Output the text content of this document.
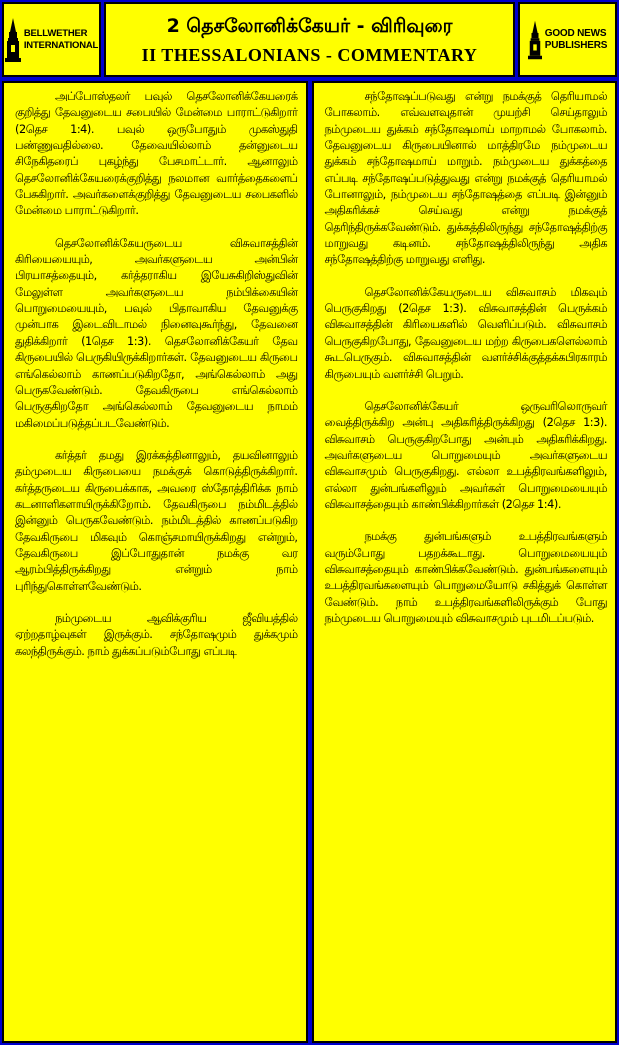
BELLWETHER
INTERNATIONAL
2 தெசலோனிக்கேயர் - விரிவுரை
II THESSALONIANS - COMMENTARY
GOOD NEWS
PUBLISHERS

அப்போஸ்தலர் பவுல் தெசலோனிக்கேயரைக் குறித்து தேவனுடைய சபையில் மேன்மை பாராட்டுகிறார் (2தெச 1:4). பவுல் ஒருபோதும் முகஸ்துதி பண்ணுவதில்லை. தேவையில்லாம் தன்னுடைய சிநேகிதரைப் புகழ்ந்து பேசமாட்டார். ஆனாலும் தெசலோனிக்கேயரைக்குறித்து நலமான வார்த்தைகளைப் பேசுகிறார். அவர்களைக்குறித்து தேவனுடைய சபைகளில் மேன்மை பாராட்டுகிறார்.

தெசலோனிக்கேயருடைய விசுவாசத்தின் கிரியையையும், அவர்களுடைய அன்பின் பிரயாசத்தையும், கர்த்தராகிய இயேசுகிறிஸ்துவின் மேலுள்ள அவர்களுடைய நம்பிக்கையின் பொறுமையையும், பவுல் பிதாவாகிய தேவனுக்கு முன்பாக இடைவிடாமல் நினைவுகூர்ந்து, தேவனை துதிக்கிறார் (1தெச 1:3). தெசலோனிக்கேயர் தேவ கிருபையில் பெருகியிருக்கிறார்கள். தேவனுடைய கிருபை எங்கெல்லாம் காணப்படுகிறதோ, அங்கெல்லாம் அது பெருகவேண்டும். தேவகிருபை எங்கெல்லாம் பெருகுகிறதோ அங்கெல்லாம் தேவனுடைய நாமம் மகிமைப்படுத்தப்படவேண்டும்.

கர்த்தர் தமது இரக்கத்தினாலும், தயவினாலும் தம்முடைய கிருபையை நமக்குக் கொடுத்திருக்கிறார். கர்த்தருடைய கிருபைக்காக, அவரை ஸ்தோத்திரிக்க நாம் கடனாளிகளாயிருக்கிறோம். தேவகிருபை நம்மிடத்தில் இன்னும் பெருகவேண்டும். நம்மிடத்தில் காணப்படுகிற தேவகிருபை மிகவும் கொஞ்சமாயிருக்கிறது என்றும், தேவகிருபை இப்போதுதான் நமக்கு வர ஆரம்பித்திருக்கிறது என்றும் நாம் புரிந்துகொள்ளவேண்டும்.

நம்முடைய ஆவிக்குரிய ஜீவியத்தில் ஏற்றதாழ்வுகள் இருக்கும். சந்தோஷமும் துக்கமும் கலந்திருக்கும். நாம் துக்கப்படும்போது எப்படி

சந்தோஷப்படுவது என்று நமக்குத் தெரியாமல் போகலாம். எவ்வளவுதான் முயற்சி செய்தாலும் நம்முடைய துக்கம் சந்தோஷமாய் மாறாமல் போகலாம். தேவனுடைய கிருபையினால் மாத்திரமே நம்முடைய துக்கம் சந்தோஷமாய் மாறும். நம்முடைய துக்கத்தை எப்படி சந்தோஷப்படுத்துவது என்று நமக்குத் தெரியாமல் போனாலும், நம்முடைய சந்தோஷத்தை எப்படி இன்னும் அதிகரிக்கச் செய்வது என்று நமக்குத் தெரிந்திருக்கவேண்டும். துக்கத்திலிருந்து சந்தோஷத்திற்கு மாறுவது கடினம். சந்தோஷத்திலிருந்து அதிக சந்தோஷத்திற்கு மாறுவது எளிது.

தெசலோனிக்கேயருடைய விசுவாசம் மிகவும் பெருகுகிறது (2தெச 1:3). விசுவாசத்தின் பெருக்கம் விசுவாசத்தின் கிரியைகளில் வெளிப்படும். விசுவாசம் பெருகுகிறபோது, தேவனுடைய மற்ற கிருபைகளெல்லாம் கூடபெருகும். விசுவாசத்தின் வளர்ச்சிக்குத்தக்கபிரகாரம் கிருபையும் வளர்ச்சி பெறும்.

தெசலோனிக்கேயர் ஒருவரிலொருவர் வைத்திருக்கிற அன்பு அதிகரித்திருக்கிறது (2தெச 1:3). விசுவாசம் பெருகுகிறபோது அன்பும் அதிகரிக்கிறது. அவர்களுடைய பொறுமையும் அவர்களுடைய விசுவாசமும் பெருகுகிறது. எல்லா உபத்திரவங்களிலும், எல்லா துன்பங்களிலும் அவர்கள் பொறுமையையும் விசுவாசத்தையும் காண்பிக்கிறார்கள் (2தெச 1:4).

நமக்கு துன்பங்களும் உபத்திரவங்களும் வரும்போது பதறக்கூடாது. பொறுமையையும் விசுவாசத்தையும் காண்பிக்கவேண்டும். துன்பங்களையும் உபத்திரவங்களையும் பொறுமையோடு சகித்துக் கொள்ள வேண்டும். நாம் உபத்திரவங்களிலிருக்கும் போது நம்முடைய பொறுமையும் விசுவாசமும் புடமிடப்படும்.
